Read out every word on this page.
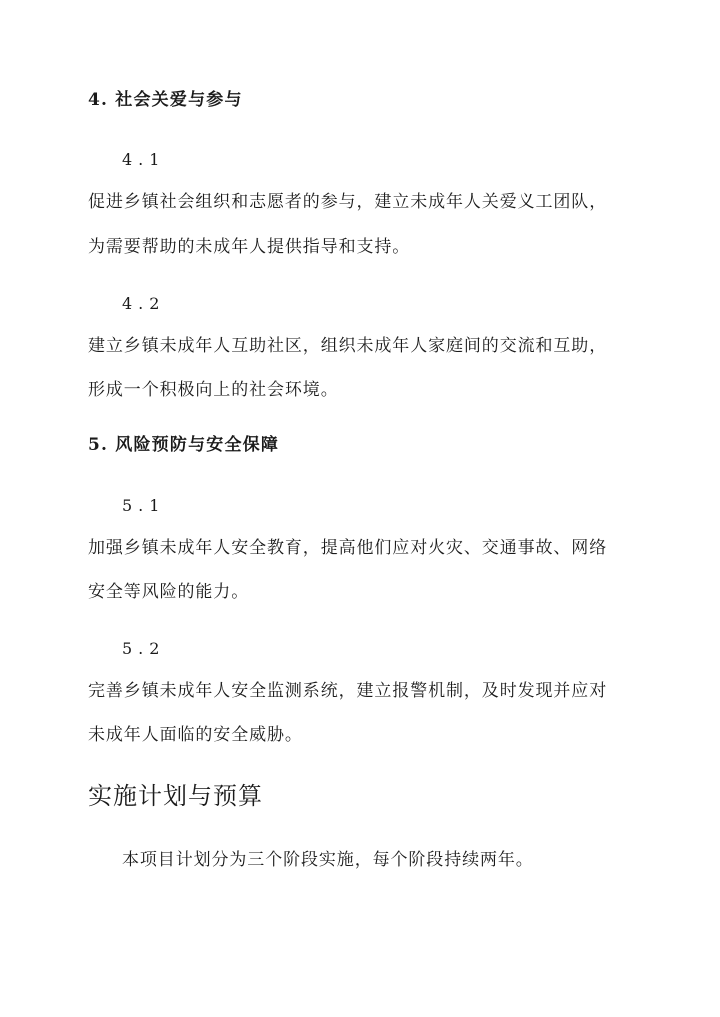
4. 社会关爱与参与
4.1
促进乡镇社会组织和志愿者的参与，建立未成年人关爱义工团队，
为需要帮助的未成年人提供指导和支持。
4.2
建立乡镇未成年人互助社区，组织未成年人家庭间的交流和互助，
形成一个积极向上的社会环境。
5. 风险预防与安全保障
5.1
加强乡镇未成年人安全教育，提高他们应对火灾、交通事故、网络
安全等风险的能力。
5.2
完善乡镇未成年人安全监测系统，建立报警机制，及时发现并应对
未成年人面临的安全威胁。
实施计划与预算
本项目计划分为三个阶段实施，每个阶段持续两年。
